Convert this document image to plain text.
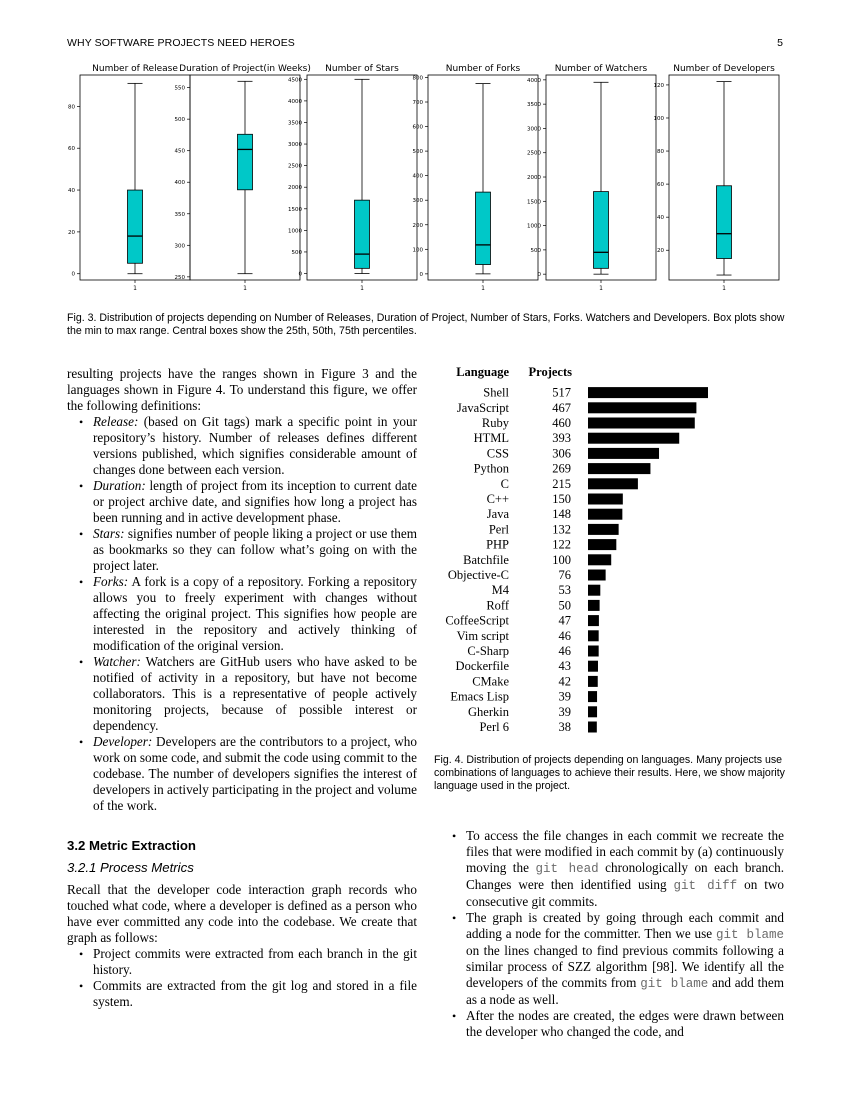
WHY SOFTWARE PROJECTS NEED HEROES	5
Number of Release
0
20
40
60
80
1
Duration of Project(in Weeks)
250
300
350
400
450
500
550
1
Number of Stars
0
500
1000
1500
2000
2500
3000
3500
4000
4500
1
Number of Forks
0
100
200
300
400
500
600
700
800
1
Number of Watchers
0
500
1000
1500
2000
2500
3000
3500
4000
1
Number of Developers
20
40
60
80
100
120
1
Fig. 3. Distribution of projects depending on Number of Releases, Duration of Project, Number of Stars, Forks. Watchers and Developers. Box plots show the min to max range. Central boxes show the 25th, 50th, 75th percentiles.

resulting projects have the ranges shown in Figure 3 and the languages shown in Figure 4. To understand this figure, we offer the following definitions:

• Release: (based on Git tags) mark a specific point in your repository’s history. Number of releases defines different versions published, which signifies considerable amount of changes done between each version.
• Duration: length of project from its inception to current date or project archive date, and signifies how long a project has been running and in active development phase.
• Stars: signifies number of people liking a project or use them as bookmarks so they can follow what’s going on with the project later.
• Forks: A fork is a copy of a repository. Forking a repository allows you to freely experiment with changes without affecting the original project. This signifies how people are interested in the repository and actively thinking of modification of the original version.
• Watcher: Watchers are GitHub users who have asked to be notified of activity in a repository, but have not become collaborators. This is a representative of people actively monitoring projects, because of possible interest or dependency.
• Developer: Developers are the contributors to a project, who work on some code, and submit the code using commit to the codebase. The number of developers signifies the interest of developers in actively participating in the project and volume of the work.
3.2 Metric Extraction
3.2.1 Process Metrics

Recall that the developer code interaction graph records who touched what code, where a developer is defined as a person who have ever committed any code into the codebase. We create that graph as follows:

• Project commits were extracted from each branch in the git history.
• Commits are extracted from the git log and stored in a file system.
Language Projects
Shell	517
JavaScript	467
Ruby	460
HTML	393
CSS	306
Python	269
C	215
C++	150
Java	148
Perl	132
PHP	122
Batchfile	100
Objective-C	76
M4	53
Roff	50
CoffeeScript	47
Vim script	46
C-Sharp	46
Dockerfile	43
CMake	42
Emacs Lisp	39
Gherkin	39
Perl 6	38
Fig. 4. Distribution of projects depending on languages. Many projects use combinations of languages to achieve their results. Here, we show majority language used in the project.
• To access the file changes in each commit we recreate the files that were modified in each commit by (a) continuously moving the git head chronologically on each branch. Changes were then identified using git diff on two consecutive git commits.
• The graph is created by going through each commit and adding a node for the committer. Then we use git blame on the lines changed to find previous commits following a similar process of SZZ algorithm [98]. We identify all the developers of the commits from git blame and add them as a node as well.
• After the nodes are created, the edges were drawn between the developer who changed the code, and
